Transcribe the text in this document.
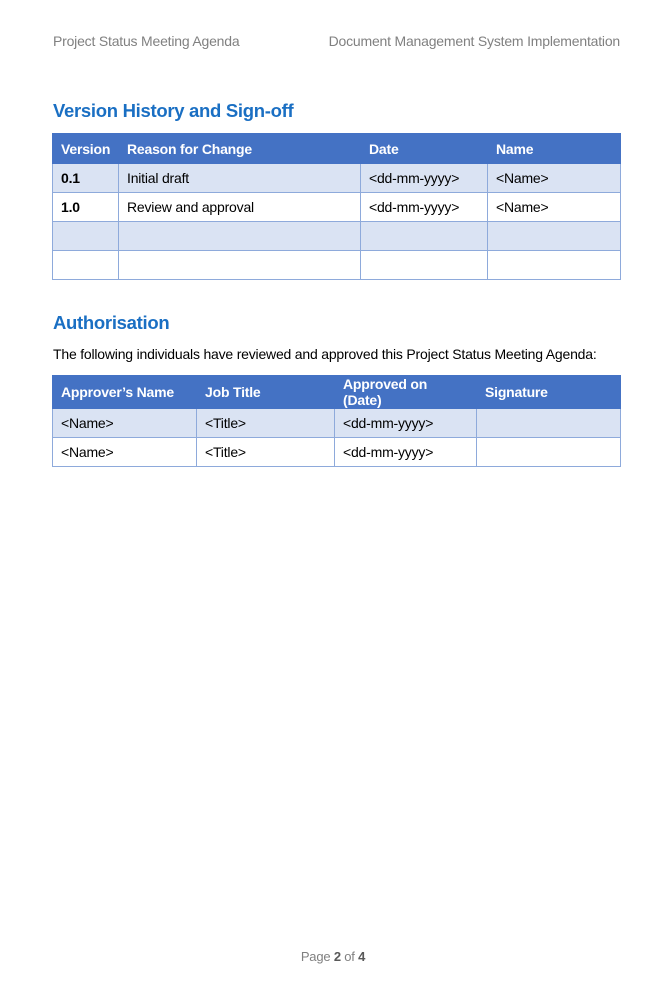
Project Status Meeting Agenda	Document Management System Implementation
Version History and Sign-off
Version	Reason for Change	Date	Name
0.1	Initial draft	<dd-mm-yyyy>	<Name>
1.0	Review and approval	<dd-mm-yyyy>	<Name>

Authorisation
The following individuals have reviewed and approved this Project Status Meeting Agenda:
Approver’s Name	Job Title	Approved on (Date)	Signature
<Name>	<Title>	<dd-mm-yyyy>	
<Name>	<Title>	<dd-mm-yyyy>	
Page 2 of 4
